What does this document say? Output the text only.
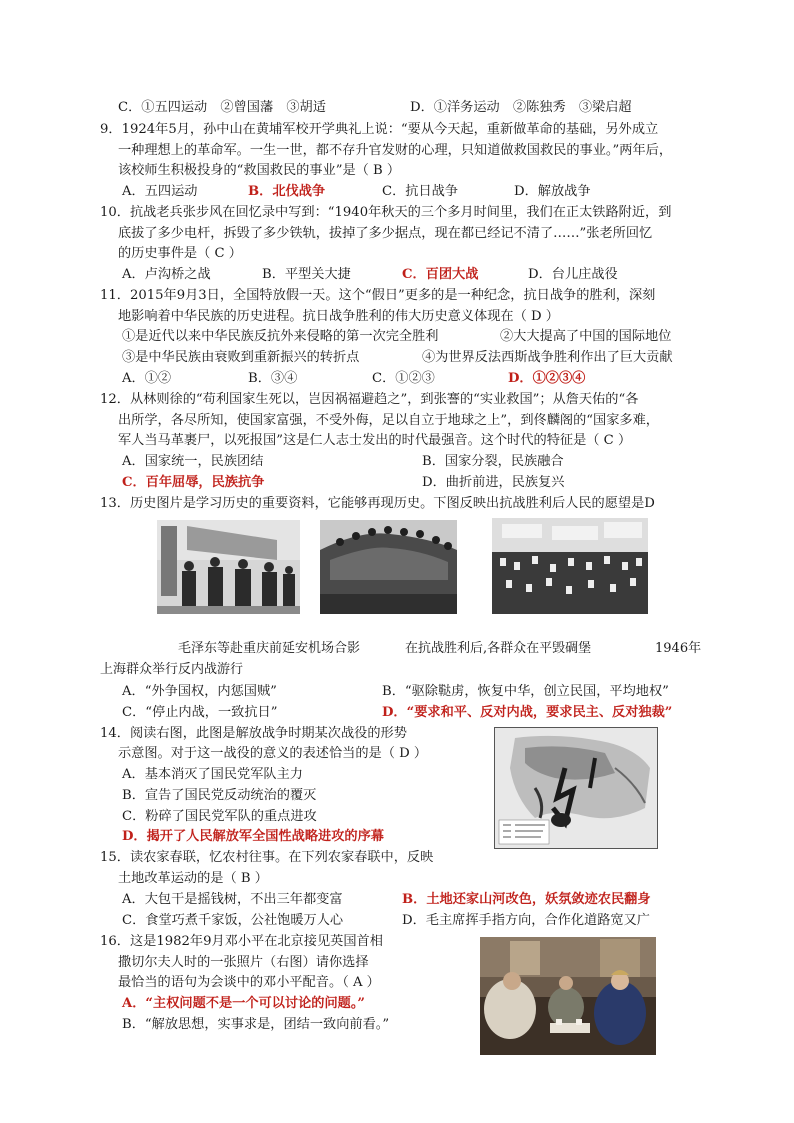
C．①五四运动　②曾国藩　③胡适	D．①洋务运动　②陈独秀　③梁启超
9．1924年5月，孙中山在黄埔军校开学典礼上说：“要从今天起，重新做革命的基础，另外成立
一种理想上的革命军。一生一世，都不存升官发财的心理，只知道做救国救民的事业。”两年后，
该校师生积极投身的“救国救民的事业”是（ B ）
A．五四运动	B．北伐战争	C．抗日战争	D．解放战争
10．抗战老兵张步风在回忆录中写到：“1940年秋天的三个多月时间里，我们在正太铁路附近，到
底拔了多少电杆，拆毁了多少铁轨，拔掉了多少据点，现在都已经记不清了……”张老所回忆
的历史事件是（ C ）
A．卢沟桥之战	B．平型关大捷	C．百团大战	D．台儿庄战役
11．2015年9月3日，全国特放假一天。这个“假日”更多的是一种纪念，抗日战争的胜利，深刻
地影响着中华民族的历史进程。抗日战争胜利的伟大历史意义体现在（ D ）
①是近代以来中华民族反抗外来侵略的第一次完全胜利	②大大提高了中国的国际地位
③是中华民族由衰败到重新振兴的转折点	④为世界反法西斯战争胜利作出了巨大贡献
A．①②	B．③④	C．①②③	D．①②③④
12．从林则徐的“苟利国家生死以，岂因祸福避趋之”，到张謇的“实业救国”；从詹天佑的“各
出所学，各尽所知，使国家富强，不受外侮，足以自立于地球之上”，到佟麟阁的“国家多难，
军人当马革裹尸，以死报国”这是仁人志士发出的时代最强音。这个时代的特征是（ C ）
A．国家统一，民族团结	B．国家分裂，民族融合
C．百年屈辱，民族抗争	D．曲折前进，民族复兴
13．历史图片是学习历史的重要资料，它能够再现历史。下图反映出抗战胜利后人民的愿望是D
毛泽东等赴重庆前延安机场合影	在抗战胜利后,各群众在平毁碉堡	1946年
上海群众举行反内战游行
A．“外争国权，内惩国贼”	B．“驱除鞑虏，恢复中华，创立民国，平均地权”
C．“停止内战，一致抗日”	D．“要求和平、反对内战，要求民主、反对独裁”
14．阅读右图，此图是解放战争时期某次战役的形势
示意图。对于这一战役的意义的表述恰当的是（ D ）
A．基本消灭了国民党军队主力
B．宣告了国民党反动统治的覆灭
C．粉碎了国民党军队的重点进攻
D．揭开了人民解放军全国性战略进攻的序幕
15．读农家春联，忆农村往事。在下列农家春联中，反映
土地改革运动的是（ B ）
A．大包干是摇钱树，不出三年都变富	B．土地还家山河改色，妖氛敛迹农民翻身
C．食堂巧煮千家饭，公社饱暖万人心	D．毛主席挥手指方向，合作化道路宽又广
16．这是1982年9月邓小平在北京接见英国首相
撒切尔夫人时的一张照片（右图）请你选择
最恰当的语句为会谈中的邓小平配音。（ A ）
A．“主权问题不是一个可以讨论的问题。”
B．“解放思想，实事求是，团结一致向前看。”
